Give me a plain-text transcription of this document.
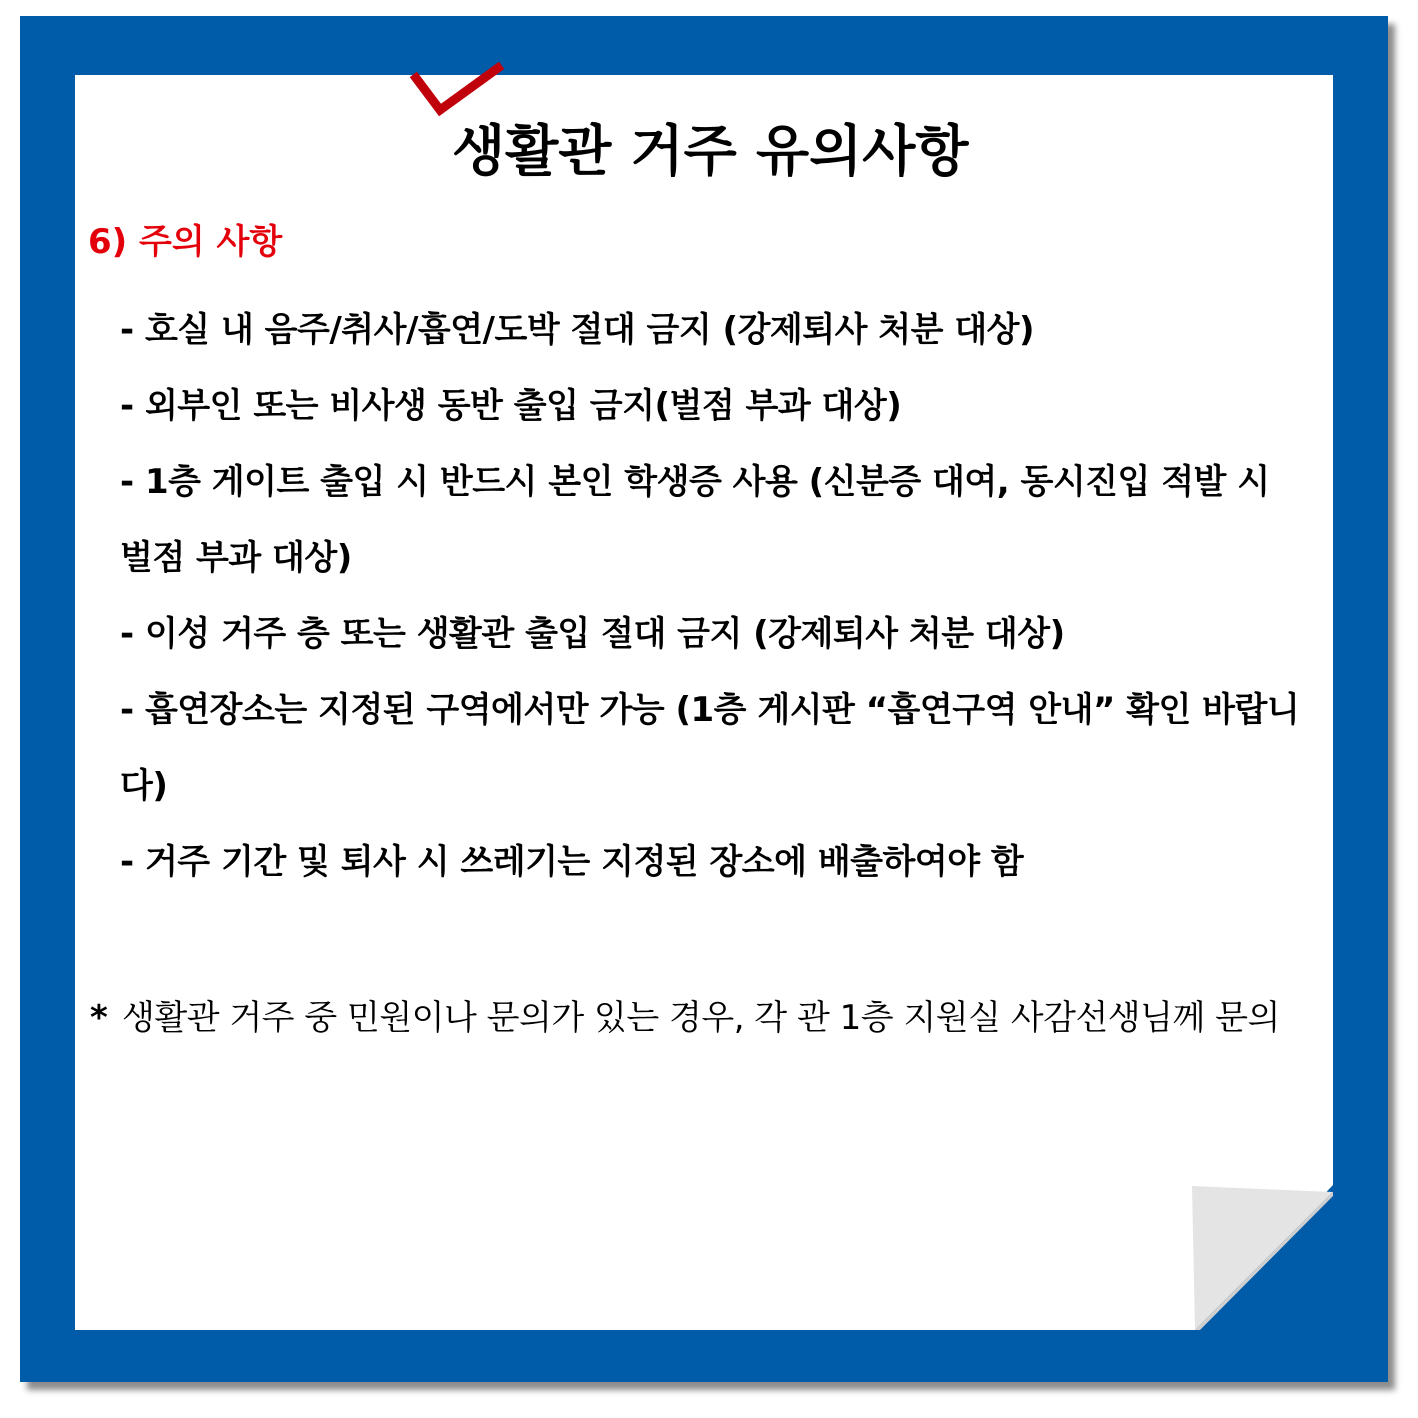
생활관 거주 유의사항
6) 주의 사항
- 호실 내 음주/취사/흡연/도박 절대 금지 (강제퇴사 처분 대상)
- 외부인 또는 비사생 동반 출입 금지(벌점 부과 대상)
- 1층 게이트 출입 시 반드시 본인 학생증 사용 (신분증 대여, 동시진입 적발 시 벌점 부과 대상)
- 이성 거주 층 또는 생활관 출입 절대 금지 (강제퇴사 처분 대상)
- 흡연장소는 지정된 구역에서만 가능 (1층 게시판 “흡연구역 안내” 확인 바랍니다)
- 거주 기간 및 퇴사 시 쓰레기는 지정된 장소에 배출하여야 함

* 생활관 거주 중 민원이나 문의가 있는 경우, 각 관 1층 지원실 사감선생님께 문의
